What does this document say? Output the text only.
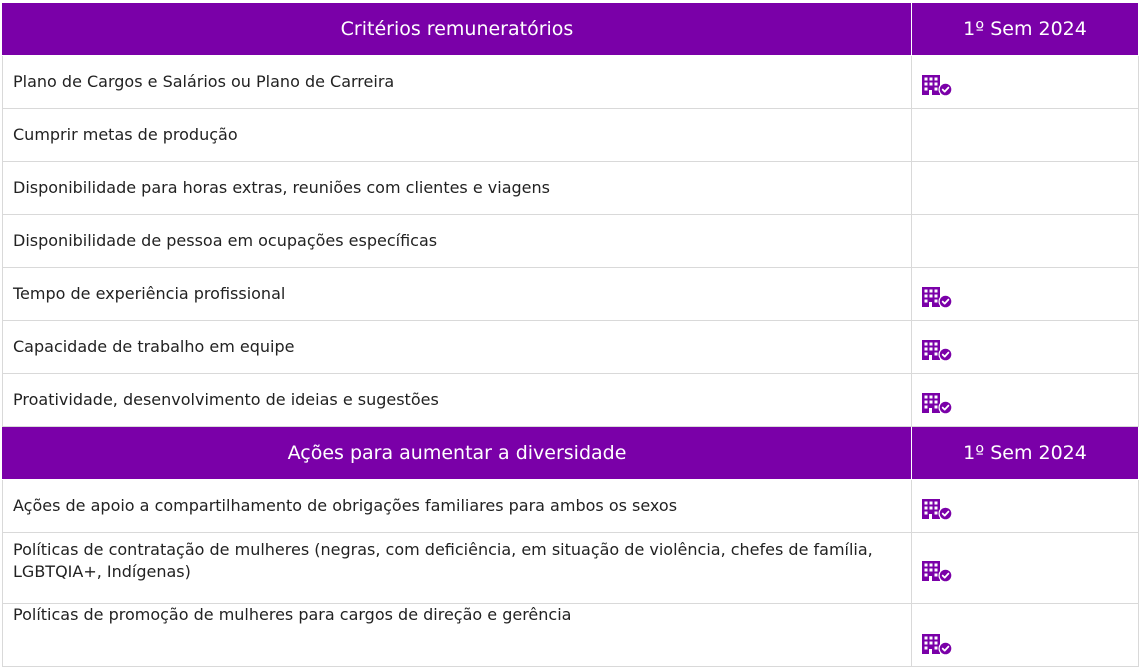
Critérios remuneratórios	1º Sem 2024
Plano de Cargos e Salários ou Plano de Carreira	
Cumprir metas de produção	
Disponibilidade para horas extras, reuniões com clientes e viagens	
Disponibilidade de pessoa em ocupações específicas	
Tempo de experiência profissional	
Capacidade de trabalho em equipe	
Proatividade, desenvolvimento de ideias e sugestões	
Ações para aumentar a diversidade	1º Sem 2024
Ações de apoio a compartilhamento de obrigações familiares para ambos os sexos	
Políticas de contratação de mulheres (negras, com deficiência, em situação de violência, chefes de família, LGBTQIA+, Indígenas)	
Políticas de promoção de mulheres para cargos de direção e gerência	
